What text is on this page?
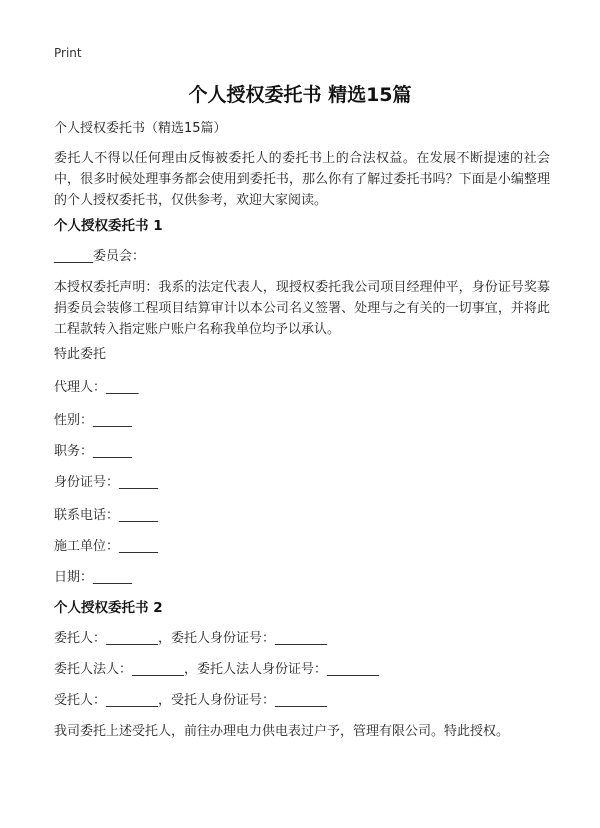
Print
个人授权委托书 精选15篇
个人授权委托书（精选15篇）
委托人不得以任何理由反悔被委托人的委托书上的合法权益。在发展不断提速的社会中，很多时候处理事务都会使用到委托书，那么你有了解过委托书吗？下面是小编整理的个人授权委托书，仅供参考，欢迎大家阅读。
个人授权委托书 1
______委员会：
本授权委托声明：我系的法定代表人，现授权委托我公司项目经理仲平，身份证号奖募捐委员会装修工程项目结算审计以本公司名义签署、处理与之有关的一切事宜，并将此工程款转入指定账户账户名称我单位均予以承认。
特此委托
代理人：_____
性别：______
职务：______
身份证号：______
联系电话：______
施工单位：______
日期：______
个人授权委托书 2
委托人：________，委托人身份证号：________
委托人法人：________，委托人法人身份证号：________
受托人：________，受托人身份证号：________
我司委托上述受托人，前往办理电力供电表过户予，管理有限公司。特此授权。
